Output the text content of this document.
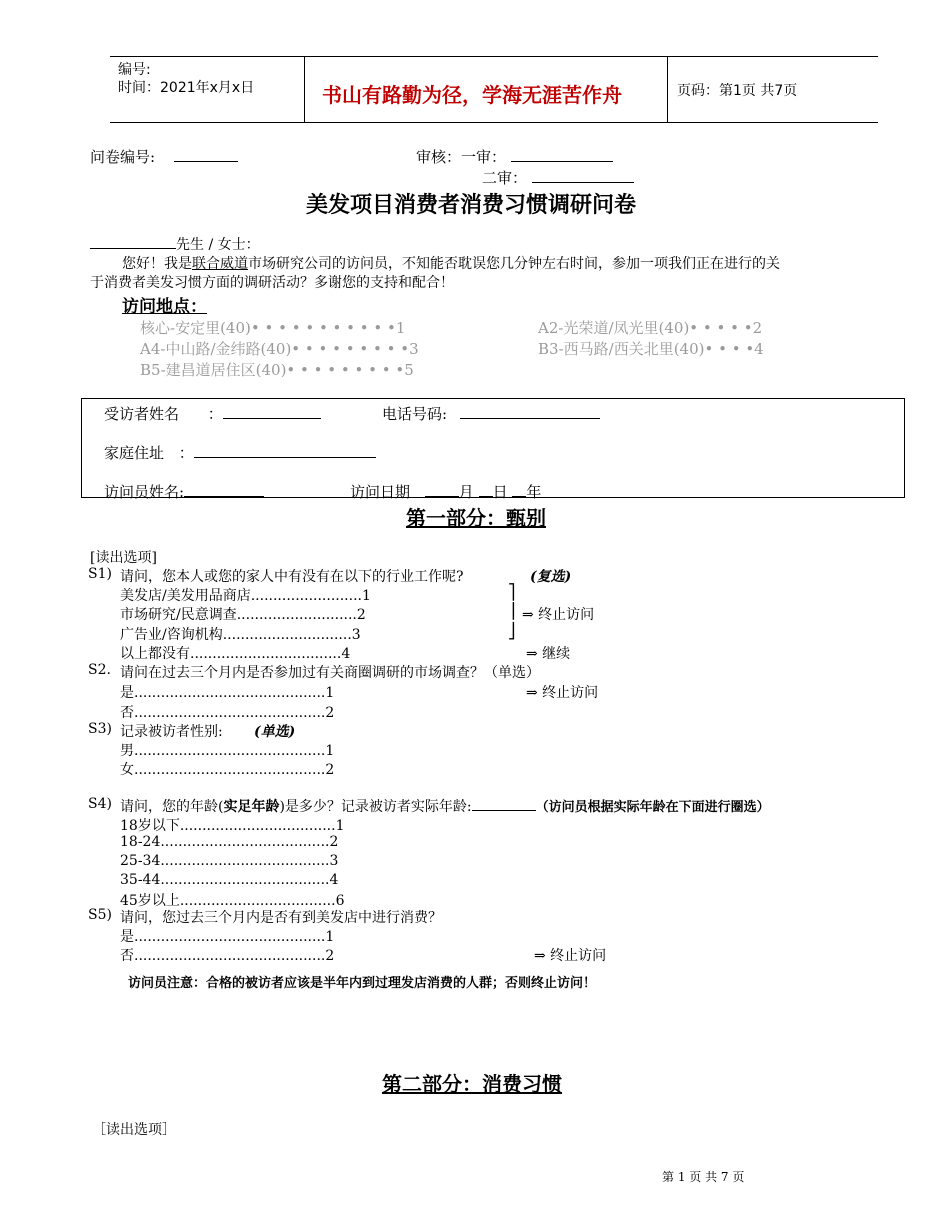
编号:
时间：2021年x月x日	书山有路勤为径，学海无涯苦作舟	页码：第1页 共7页
问卷编号:	审核：一审：
二审：
美发项目消费者消费习惯调研问卷
先生 / 女士：
您好！我是联合威道市场研究公司的访问员，不知能否耽误您几分钟左右时间，参加一项我们正在进行的关
于消费者美发习惯方面的调研活动？多谢您的支持和配合！
访问地点：
核心-安定里(40)• • • • • • • • • • •1	A2-光荣道/凤光里(40)• • • • •2
A4-中山路/金纬路(40)• • • • • • • • •3	B3-西马路/西关北里(40)• • • •4
B5-建昌道居住区(40)• • • • • • • • •5
受访者姓名 ：	电话号码:
家庭住址 ：
访问员姓名:	访问日期	月 日 年
第一部分：甄别
[读出选项]
S1) 请问，您本人或您的家人中有没有在以下的行业工作呢?	(复选)
美发店/美发用品商店.........................1	⎤
市场研究/民意调查...........................2	⎥ ⇒ 终止访问
广告业/咨询机构.............................3	⎦
以上都没有..................................4	⇒ 继续
S2. 请问在过去三个月内是否参加过有关商圈调研的市场调查？（单选）
是...........................................1	⇒ 终止访问
否...........................................2
S3) 记录被访者性别: (单选)
男...........................................1
女...........................................2
S4) 请问，您的年龄(实足年龄)是多少？记录被访者实际年龄:	（访问员根据实际年龄在下面进行圈选）
18岁以下...................................1
18-24......................................2
25-34......................................3
35-44......................................4
45岁以上...................................6
S5) 请问，您过去三个月内是否有到美发店中进行消费？
是...........................................1
否...........................................2	⇒ 终止访问
访问员注意：合格的被访者应该是半年内到过理发店消费的人群；否则终止访问！
第二部分：消费习惯
［读出选项］
第 1 页 共 7 页
